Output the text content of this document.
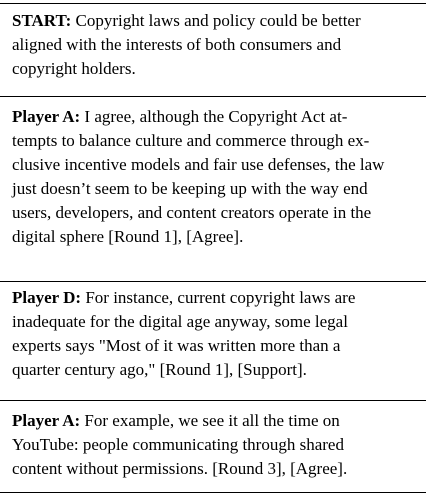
START: Copyright laws and policy could be better
aligned with the interests of both consumers and
copyright holders.
Player A: I agree, although the Copyright Act at-
tempts to balance culture and commerce through ex-
clusive incentive models and fair use defenses, the law
just doesn’t seem to be keeping up with the way end
users, developers, and content creators operate in the
digital sphere [Round 1], [Agree].
Player D: For instance, current copyright laws are
inadequate for the digital age anyway, some legal
experts says "Most of it was written more than a
quarter century ago," [Round 1], [Support].
Player A: For example, we see it all the time on
YouTube: people communicating through shared
content without permissions. [Round 3], [Agree].
